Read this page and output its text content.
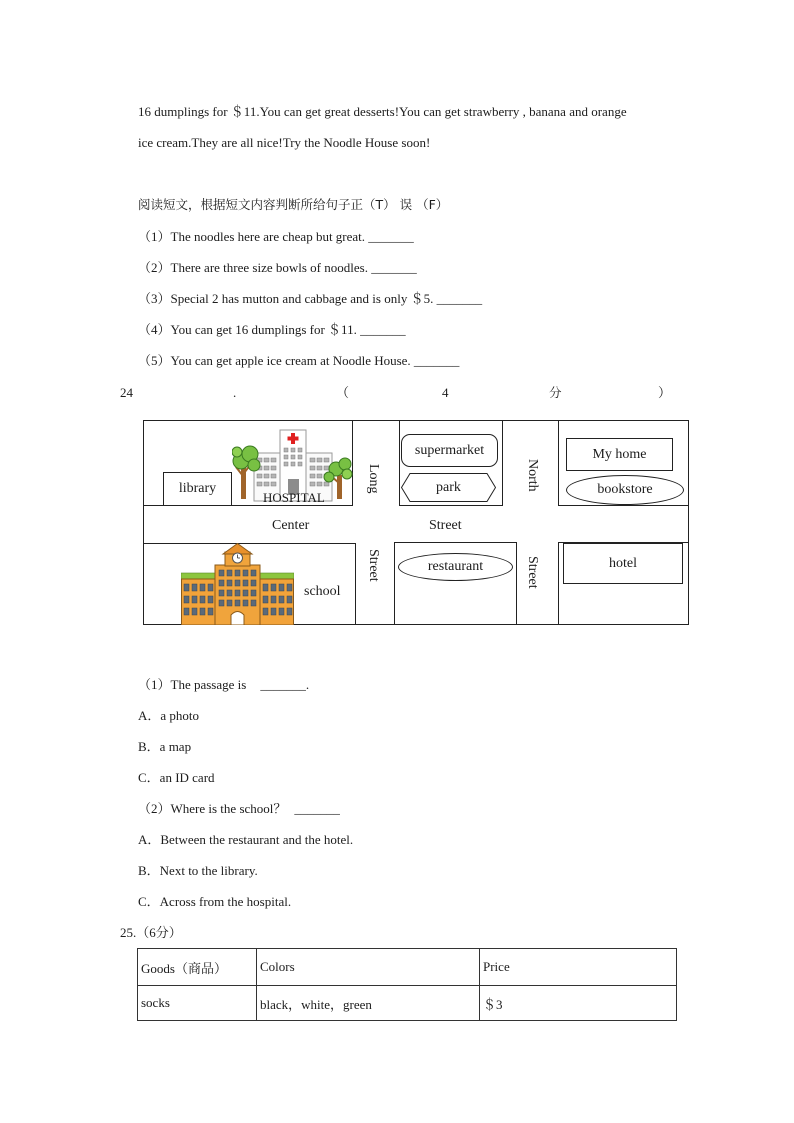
16 dumplings for ＄11.You can get great desserts!You can get strawberry , banana and orange
ice cream.They are all nice!Try the Noodle House soon!
阅读短文，根据短文内容判断所给句子正（T） 误 （F）
（1）The noodles here are cheap but great. _______
（2）There are three size bowls of noodles. _______
（3）Special 2 has mutton and cabbage and is only ＄5. _______
（4）You can get 16 dumplings for ＄11. _______
（5）You can get apple ice cream at Noodle House. _______
24	.	（	4	分	）
HOSPITAL
library	Long
supermarket
park	North
My home
bookstore
Center	Street
school
Street	restaurant	Street	hotel
（1）The passage is _______.
A．a photo
B．a map
C．an ID card
（2）Where is the school？ _______
A．Between the restaurant and the hotel.
B．Next to the library.
C．Across from the hospital.
25.（6分）
Goods（商品）	Colors	Price
socks	black，white，green	＄3
